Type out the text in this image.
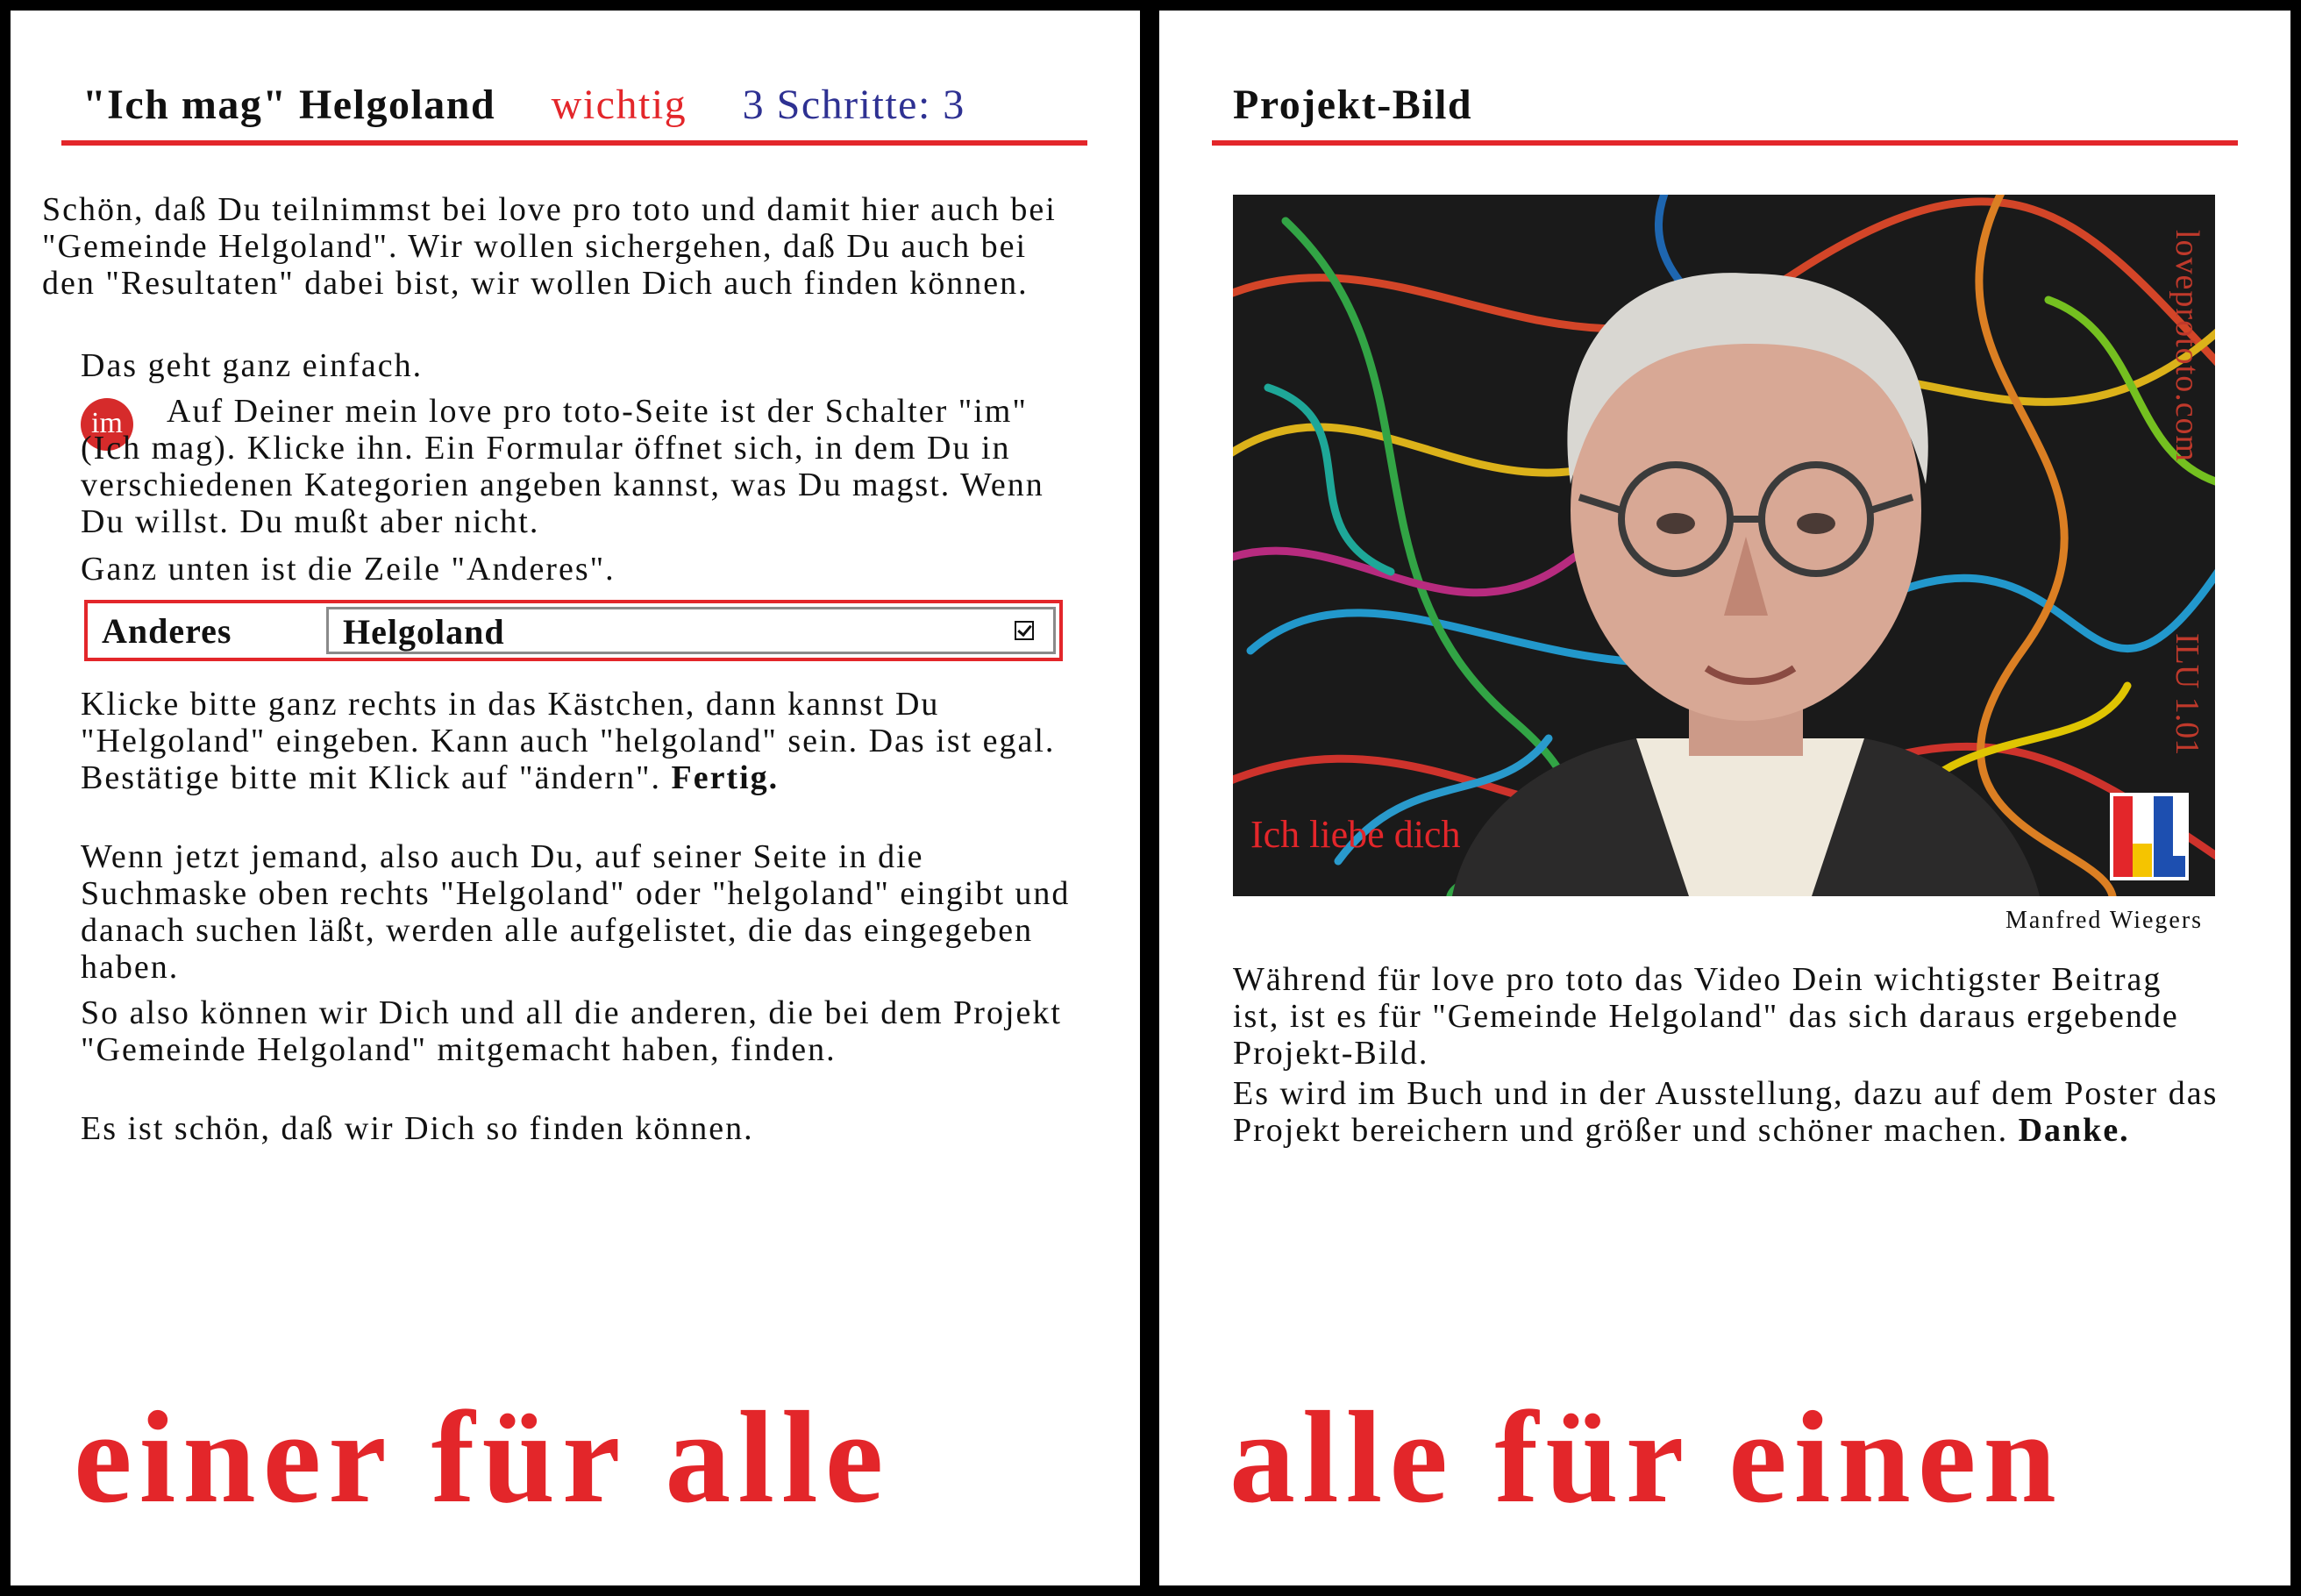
"Ich mag" Helgoland wichtig 3 Schritte: 3
Schön, daß Du teilnimmst bei love pro toto und damit hier auch bei "Gemeinde Helgoland". Wir wollen sichergehen, daß Du auch bei den "Resultaten" dabei bist, wir wollen Dich auch finden können.
Das geht ganz einfach.
im	Auf Deiner mein love pro toto-Seite ist der Schalter "im" (Ich mag). Klicke ihn. Ein Formular öffnet sich, in dem Du in verschiedenen Kategorien angeben kannst, was Du magst. Wenn Du willst. Du mußt aber nicht.
Ganz unten ist die Zeile "Anderes".
Anderes	Helgoland
Klicke bitte ganz rechts in das Kästchen, dann kannst Du "Helgoland" eingeben. Kann auch "helgoland" sein. Das ist egal. Bestätige bitte mit Klick auf "ändern". Fertig.
Wenn jetzt jemand, also auch Du, auf seiner Seite in die Suchmaske oben rechts "Helgoland" oder "helgoland" eingibt und danach suchen läßt, werden alle aufgelistet, die das eingegeben haben.
So also können wir Dich und all die anderen, die bei dem Projekt "Gemeinde Helgoland" mitgemacht haben, finden.
Es ist schön, daß wir Dich so finden können.
einer für alle
Projekt-Bild
Ich liebe dich
loveprototo.com
ILU 1.01
Manfred Wiegers
Während für love pro toto das Video Dein wichtigster Beitrag ist, ist es für "Gemeinde Helgoland" das sich daraus ergebende Projekt-Bild.
Es wird im Buch und in der Ausstellung, dazu auf dem Poster das Projekt bereichern und größer und schöner machen. Danke.
alle für einen
